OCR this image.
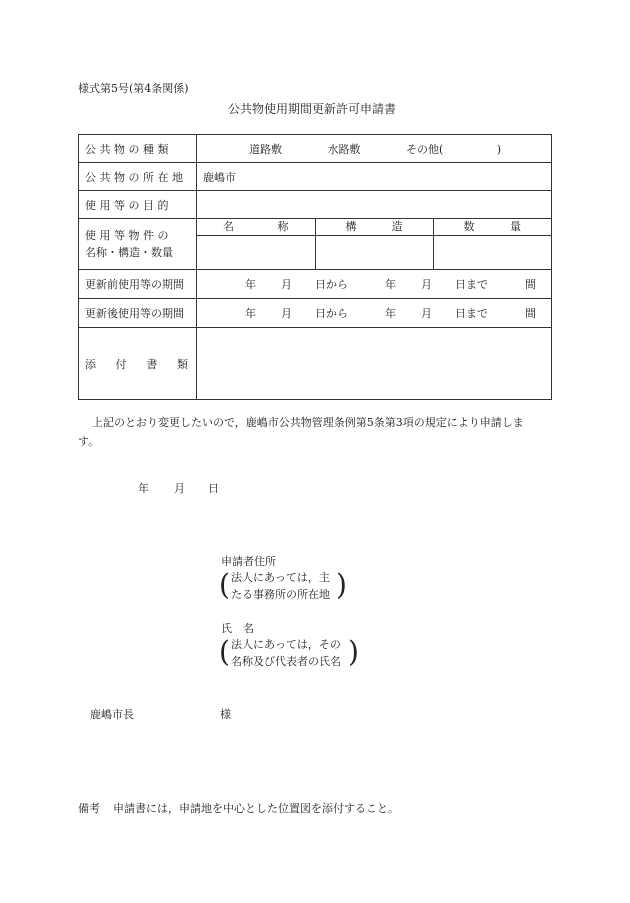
様式第5号(第4条関係)
公共物使用期間更新許可申請書
公 共 物 の 種 類	道路敷	水路敷	その他(	)
公 共 物 の 所 在 地	鹿嶋市
使 用 等 の 目 的	

使 用 等 物 件 の
名称・構造・数量

名	称	構	造	数	量

更新前使用等の期間	年 月 日から	年 月 日まで	間

更新後使用等の期間	年 月 日から	年 月 日まで	間

添 付 書 類

上記のとおり変更したいので，鹿嶋市公共物管理条例第5条第3項の規定により申請しま
す。
年 月 日
申請者住所
( 法人にあっては，主
たる事務所の所在地 )
氏　名
( 法人にあっては，その
名称及び代表者の氏名 )
鹿嶋市長	様
備考 申請書には，申請地を中心とした位置図を添付すること。
